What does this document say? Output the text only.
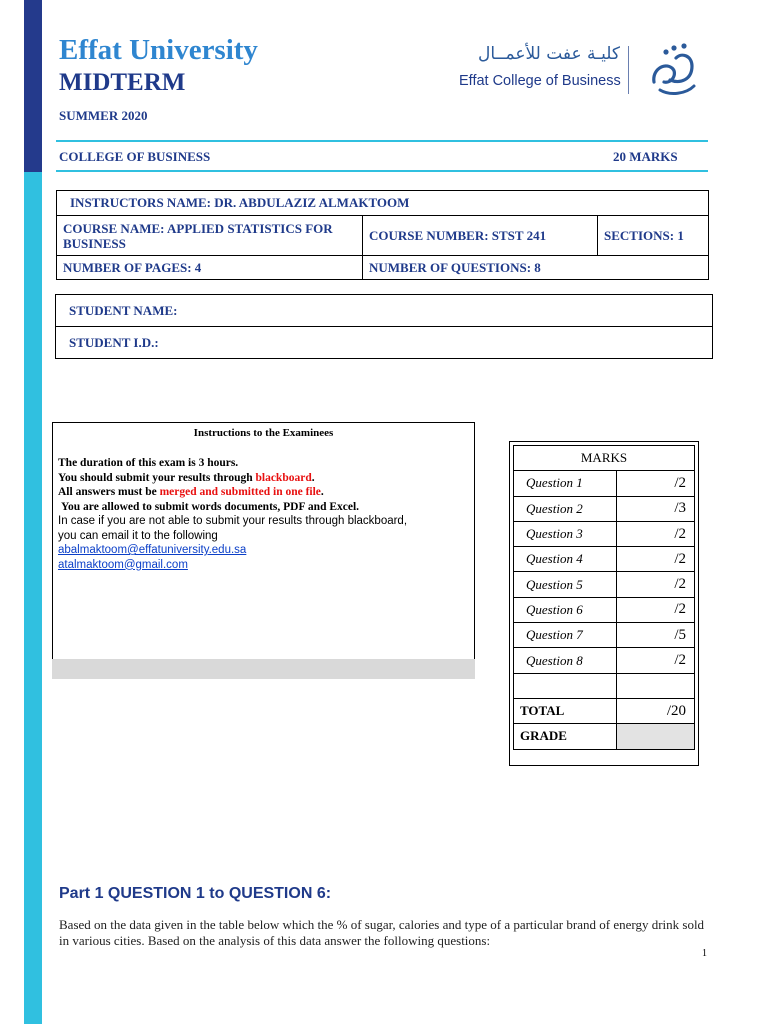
Effat University
MIDTERM
SUMMER 2020
كليـة عفت للأعمــال
Effat College of Business
COLLEGE OF BUSINESS	20 MARKS
INSTRUCTORS NAME: DR. ABDULAZIZ ALMAKTOOM		
COURSE NAME: APPLIED STATISTICS FOR BUSINESS	COURSE NUMBER: STST 241	SECTIONS: 1
NUMBER OF PAGES: 4	NUMBER OF QUESTIONS: 8	
STUDENT NAME:
STUDENT I.D.:
Instructions to the Examinees
The duration of this exam is 3 hours.
You should submit your results through blackboard.
All answers must be merged and submitted in one file.
You are allowed to submit words documents, PDF and Excel.
In case if you are not able to submit your results through blackboard,
you can email it to the following
abalmaktoom@effatuniversity.edu.sa
atalmaktoom@gmail.com
MARKS	
Question 1	/2
Question 2	/3
Question 3	/2
Question 4	/2
Question 5	/2
Question 6	/2
Question 7	/5
Question 8	/2

TOTAL	/20
GRADE	
Part 1 QUESTION 1 to QUESTION 6:
Based on the data given in the table below which the % of sugar, calories and type of a particular brand of energy drink sold in various cities. Based on the analysis of this data answer the following questions:
1
